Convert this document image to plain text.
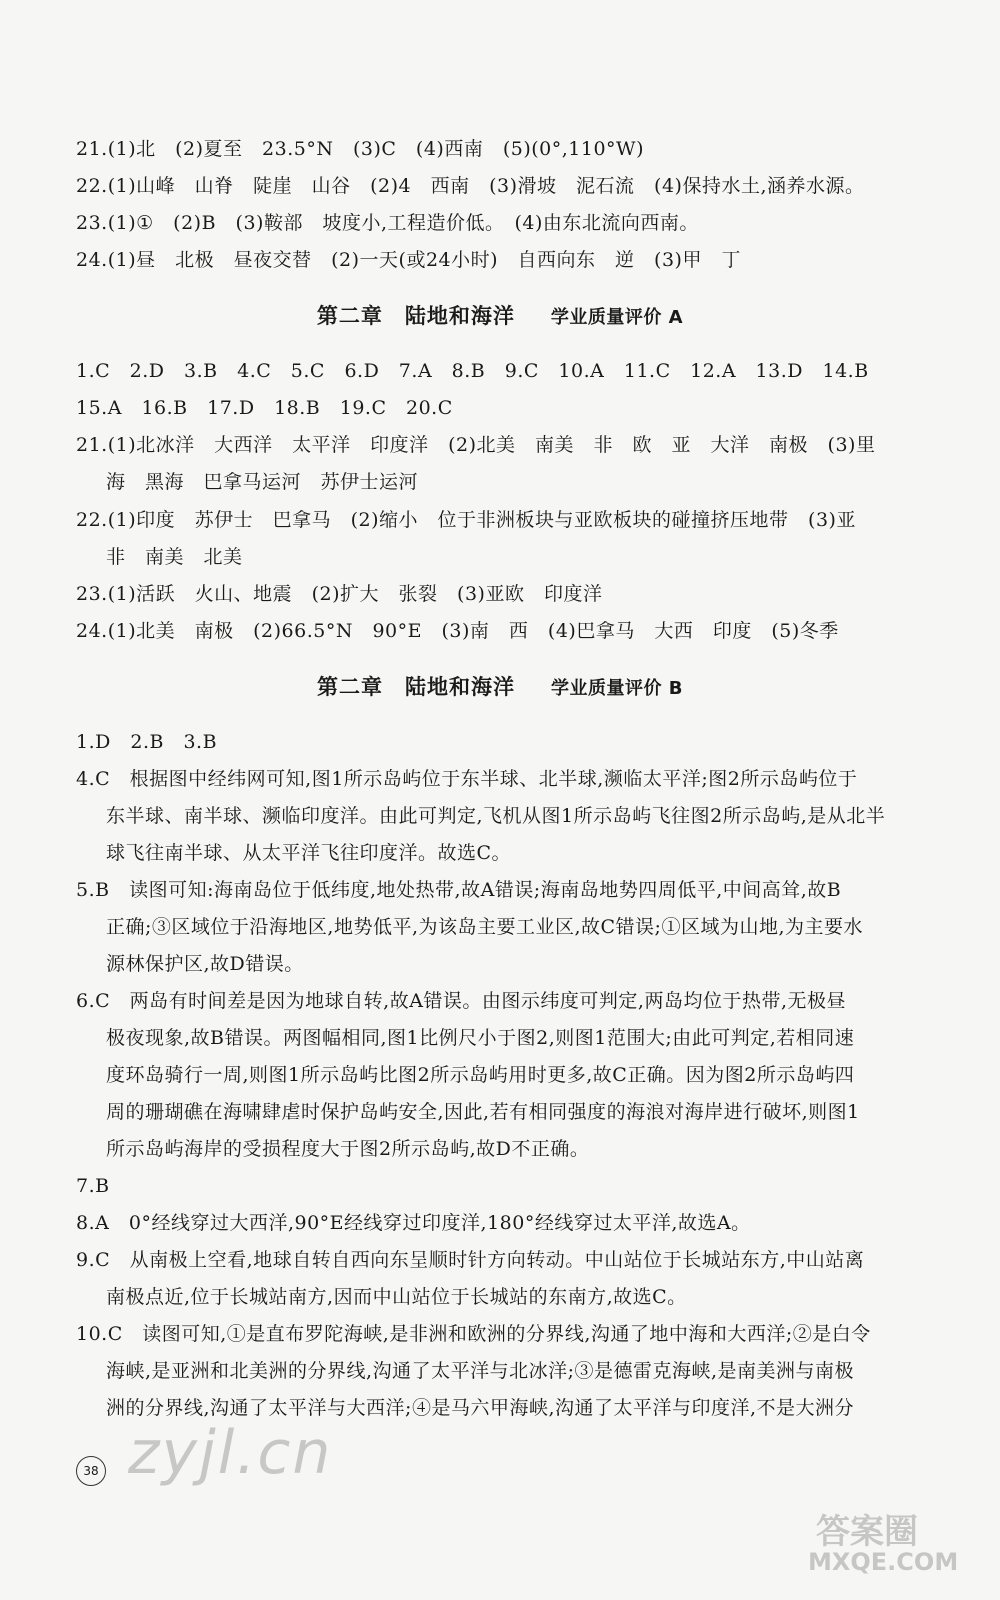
21.(1)北　(2)夏至　23.5°N　(3)C　(4)西南　(5)(0°,110°W)
22.(1)山峰　山脊　陡崖　山谷　(2)4　西南　(3)滑坡　泥石流　(4)保持水土,涵养水源。
23.(1)①　(2)B　(3)鞍部　坡度小,工程造价低。　(4)由东北流向西南。
24.(1)昼　北极　昼夜交替　(2)一天(或24小时)　自西向东　逆　(3)甲　丁
第二章　陆地和海洋 学业质量评价 A
1.C　2.D　3.B　4.C　5.C　6.D　7.A　8.B　9.C　10.A　11.C　12.A　13.D　14.B
15.A　16.B　17.D　18.B　19.C　20.C
21.(1)北冰洋　大西洋　太平洋　印度洋　(2)北美　南美　非　欧　亚　大洋　南极　(3)里
海　黑海　巴拿马运河　苏伊士运河
22.(1)印度　苏伊士　巴拿马　(2)缩小　位于非洲板块与亚欧板块的碰撞挤压地带　(3)亚
非　南美　北美
23.(1)活跃　火山、地震　(2)扩大　张裂　(3)亚欧　印度洋
24.(1)北美　南极　(2)66.5°N　90°E　(3)南　西　(4)巴拿马　大西　印度　(5)冬季
第二章　陆地和海洋 学业质量评价 B
1.D　2.B　3.B
4.C　根据图中经纬网可知,图1所示岛屿位于东半球、北半球,濒临太平洋;图2所示岛屿位于
东半球、南半球、濒临印度洋。由此可判定,飞机从图1所示岛屿飞往图2所示岛屿,是从北半
球飞往南半球、从太平洋飞往印度洋。故选C。
5.B　读图可知:海南岛位于低纬度,地处热带,故A错误;海南岛地势四周低平,中间高耸,故B
正确;③区域位于沿海地区,地势低平,为该岛主要工业区,故C错误;①区域为山地,为主要水
源林保护区,故D错误。
6.C　两岛有时间差是因为地球自转,故A错误。由图示纬度可判定,两岛均位于热带,无极昼
极夜现象,故B错误。两图幅相同,图1比例尺小于图2,则图1范围大;由此可判定,若相同速
度环岛骑行一周,则图1所示岛屿比图2所示岛屿用时更多,故C正确。因为图2所示岛屿四
周的珊瑚礁在海啸肆虐时保护岛屿安全,因此,若有相同强度的海浪对海岸进行破坏,则图1
所示岛屿海岸的受损程度大于图2所示岛屿,故D不正确。
7.B
8.A　0°经线穿过大西洋,90°E经线穿过印度洋,180°经线穿过太平洋,故选A。
9.C　从南极上空看,地球自转自西向东呈顺时针方向转动。中山站位于长城站东方,中山站离
南极点近,位于长城站南方,因而中山站位于长城站的东南方,故选C。
10.C　读图可知,①是直布罗陀海峡,是非洲和欧洲的分界线,沟通了地中海和大西洋;②是白令
海峡,是亚洲和北美洲的分界线,沟通了太平洋与北冰洋;③是德雷克海峡,是南美洲与南极
洲的分界线,沟通了太平洋与大西洋;④是马六甲海峡,沟通了太平洋与印度洋,不是大洲分
38 zyjl.cn
答案圈
MXQE.COM
